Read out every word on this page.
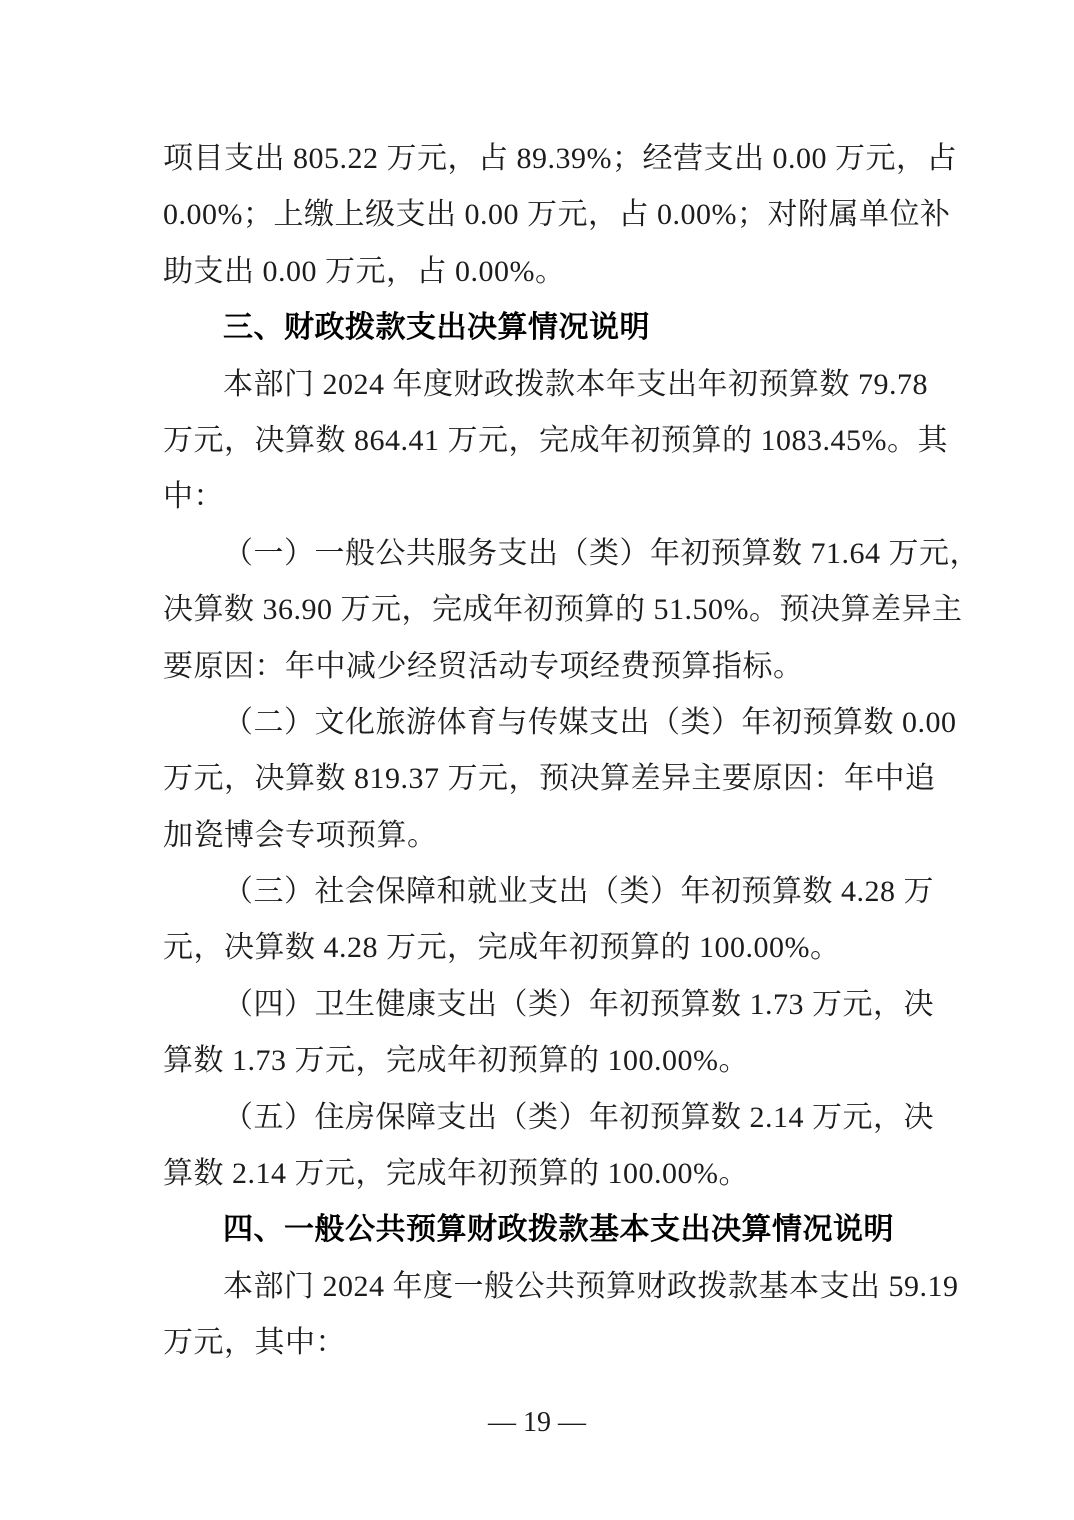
项目支出 805.22 万元，占 89.39%；经营支出 0.00 万元，占
0.00%；上缴上级支出 0.00 万元，占 0.00%；对附属单位补
助支出 0.00 万元，占 0.00%。
三、财政拨款支出决算情况说明
本部门 2024 年度财政拨款本年支出年初预算数 79.78
万元，决算数 864.41 万元，完成年初预算的 1083.45%。其
中：
（一）一般公共服务支出（类）年初预算数 71.64 万元，
决算数 36.90 万元，完成年初预算的 51.50%。预决算差异主
要原因：年中减少经贸活动专项经费预算指标。
（二）文化旅游体育与传媒支出（类）年初预算数 0.00
万元，决算数 819.37 万元，预决算差异主要原因：年中追
加瓷博会专项预算。
（三）社会保障和就业支出（类）年初预算数 4.28 万
元，决算数 4.28 万元，完成年初预算的 100.00%。
（四）卫生健康支出（类）年初预算数 1.73 万元，决
算数 1.73 万元，完成年初预算的 100.00%。
（五）住房保障支出（类）年初预算数 2.14 万元，决
算数 2.14 万元，完成年初预算的 100.00%。
四、一般公共预算财政拨款基本支出决算情况说明
本部门 2024 年度一般公共预算财政拨款基本支出 59.19
万元，其中：
— 19 —
